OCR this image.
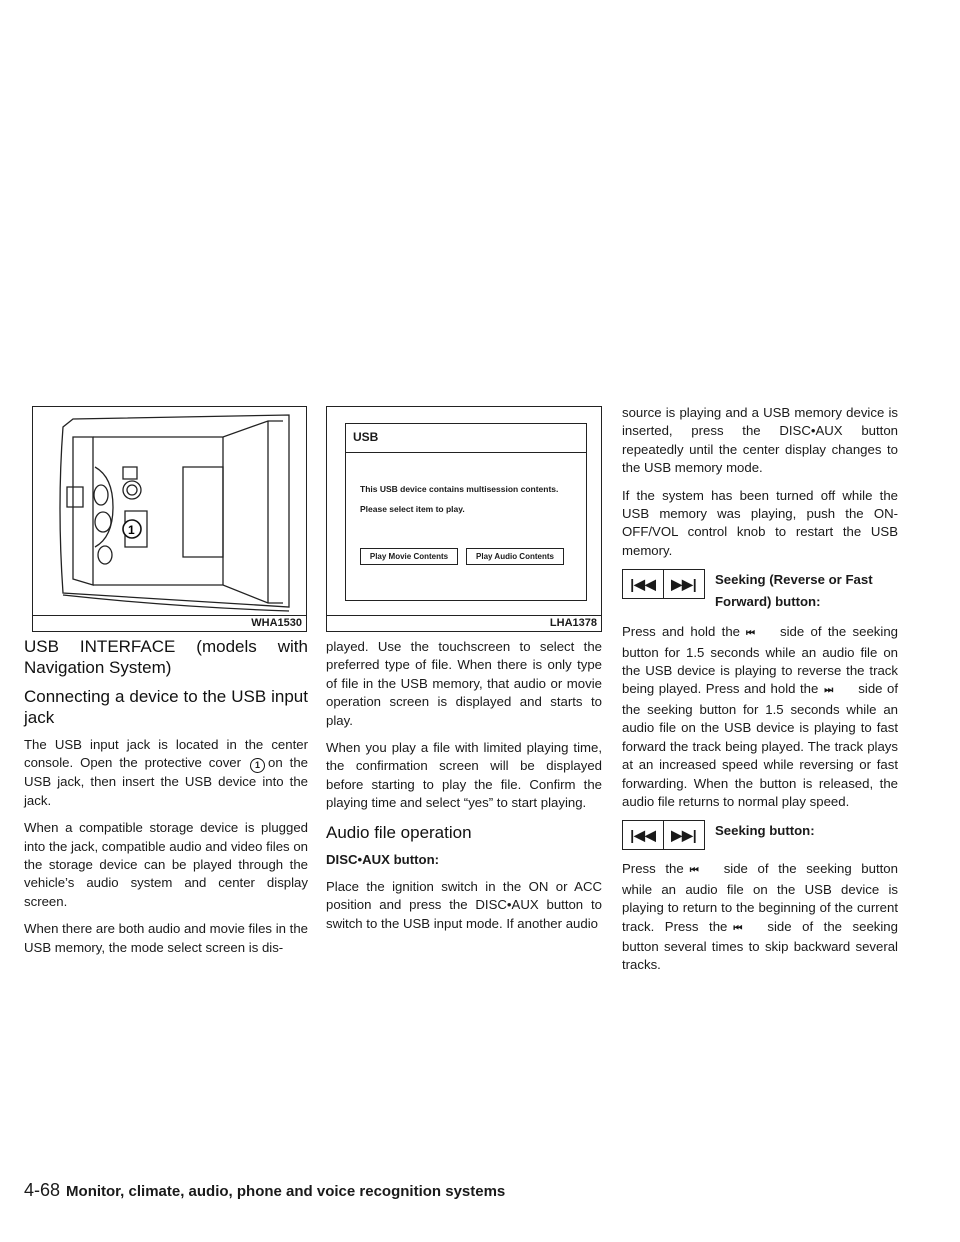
1
WHA1530
USB
This USB device contains multisession contents.
Please select item to play.
Play Movie Contents	Play Audio Contents
LHA1378
USB INTERFACE (models with Navigation System)
Connecting a device to the USB input jack

The USB input jack is located in the center console. Open the protective cover 1 on the USB jack, then insert the USB device into the jack.

When a compatible storage device is plugged into the jack, compatible audio and video files on the storage device can be played through the vehicle’s audio system and center display screen.

When there are both audio and movie files in the USB memory, the mode select screen is dis-

played. Use the touchscreen to select the preferred type of file. When there is only type of file in the USB memory, that audio or movie operation screen is displayed and starts to play.

When you play a file with limited playing time, the confirmation screen will be displayed before starting to play the file. Confirm the playing time and select “yes” to start playing.

Audio file operation
DISC•AUX button:

Place the ignition switch in the ON or ACC position and press the DISC•AUX button to switch to the USB input mode. If another audio

source is playing and a USB memory device is inserted, press the DISC•AUX button repeatedly until the center display changes to the USB memory mode.

If the system has been turned off while the USB memory was playing, push the ON-OFF/VOL control knob to restart the USB memory.

|◀◀	▶▶|	Seeking (Reverse or Fast Forward) button:

Press and hold the ⏮ side of the seeking button for 1.5 seconds while an audio file on the USB device is playing to reverse the track being played. Press and hold the ⏭ side of the seeking button for 1.5 seconds while an audio file on the USB device is playing to fast forward the track being played. The track plays at an increased speed while reversing or fast forwarding. When the button is released, the audio file returns to normal play speed.

|◀◀	▶▶|	Seeking button:

Press the ⏮ side of the seeking button while an audio file on the USB device is playing to return to the beginning of the current track. Press the ⏮ side of the seeking button several times to skip backward several tracks.

4-68 Monitor, climate, audio, phone and voice recognition systems
